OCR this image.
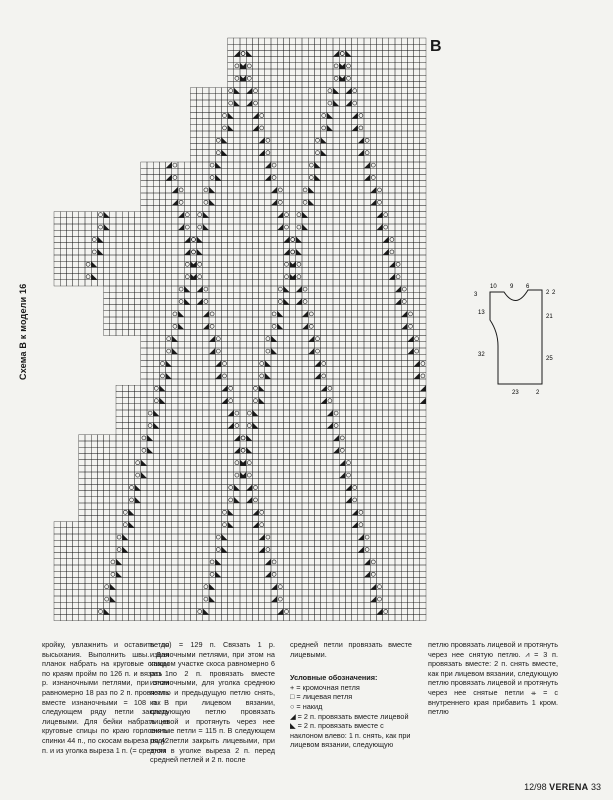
Схема В к модели 16
В
10 9 6
2
13
21
32
25
23	2
2
3

кройку, увлажнить и оставить до высыхания. Выполнить швы. Для планок набрать на круговые спицы по краям пройм по 126 п. и вязать 1 р. изнаночными петлями, при этом равномерно 18 раз по 2 п. провязать вместе изнаночными = 108 п. В следующем ряду петли закрыть лицевыми. Для бейки набрать на круговые спицы по краю горловины спинки 44 п., по скосам выреза по 42 п. и из уголка выреза 1 п. (= средняя

петля) = 129 п. Связать 1 р. изнаночными петлями, при этом на каждом участке скоса равномерно 6 раз по 2 п. провязать вместе изнаночными, для уголка среднюю петлю и предыдущую петлю снять, как при лицевом вязании, следующую петлю провязать лицевой и протянуть через нее снятые петли = 115 п. В следующем ряду петли закрыть лицевыми, при этом в уголке выреза 2 п. перед средней петлей и 2 п. после

средней петли провязать вместе лицевыми.

Условные обозначения:

+ = кромочная петля
□ = лицевая петля
○ = накид
◢ = 2 п. провязать вместе лицевой
◣ = 2 п. провязать вместе с наклоном влево: 1 п. снять, как при лицевом вязании, следующую

петлю провязать лицевой и протянуть через нее снятую петлю. ⩘ = 3 п. провязать вместе: 2 п. снять вместе, как при лицевом вязании, следующую петлю провязать лицевой и протянуть через нее снятые петли ⧺ = с внутреннего края прибавить 1 кром. петлю

12/98 VERENA 33
